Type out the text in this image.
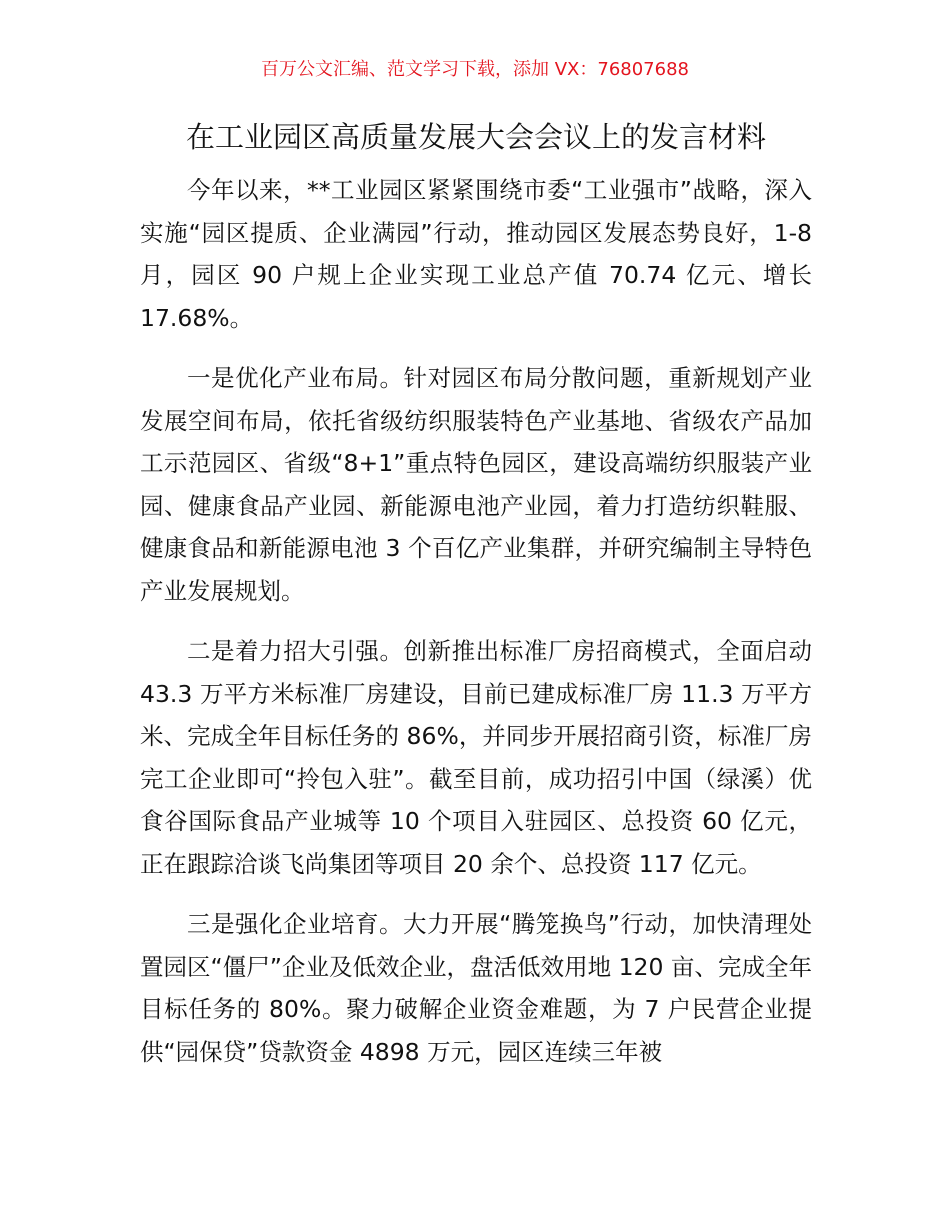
百万公文汇编、范文学习下载，添加 VX：76807688
在工业园区高质量发展大会会议上的发言材料

今年以来，**工业园区紧紧围绕市委“工业强市”战略，深入实施“园区提质、企业满园”行动，推动园区发展态势良好，1-8 月，园区 90 户规上企业实现工业总产值 70.74 亿元、增长 17.68%。

一是优化产业布局。针对园区布局分散问题，重新规划产业发展空间布局，依托省级纺织服装特色产业基地、省级农产品加工示范园区、省级“8+1”重点特色园区，建设高端纺织服装产业园、健康食品产业园、新能源电池产业园，着力打造纺织鞋服、健康食品和新能源电池 3 个百亿产业集群，并研究编制主导特色产业发展规划。

二是着力招大引强。创新推出标准厂房招商模式，全面启动 43.3 万平方米标准厂房建设，目前已建成标准厂房 11.3 万平方米、完成全年目标任务的 86%，并同步开展招商引资，标准厂房完工企业即可“拎包入驻”。截至目前，成功招引中国（绿溪）优食谷国际食品产业城等 10 个项目入驻园区、总投资 60 亿元，正在跟踪洽谈飞尚集团等项目 20 余个、总投资 117 亿元。

三是强化企业培育。大力开展“腾笼换鸟”行动，加快清理处置园区“僵尸”企业及低效企业，盘活低效用地 120 亩、完成全年目标任务的 80%。聚力破解企业资金难题，为 7 户民营企业提供“园保贷”贷款资金 4898 万元，园区连续三年被
